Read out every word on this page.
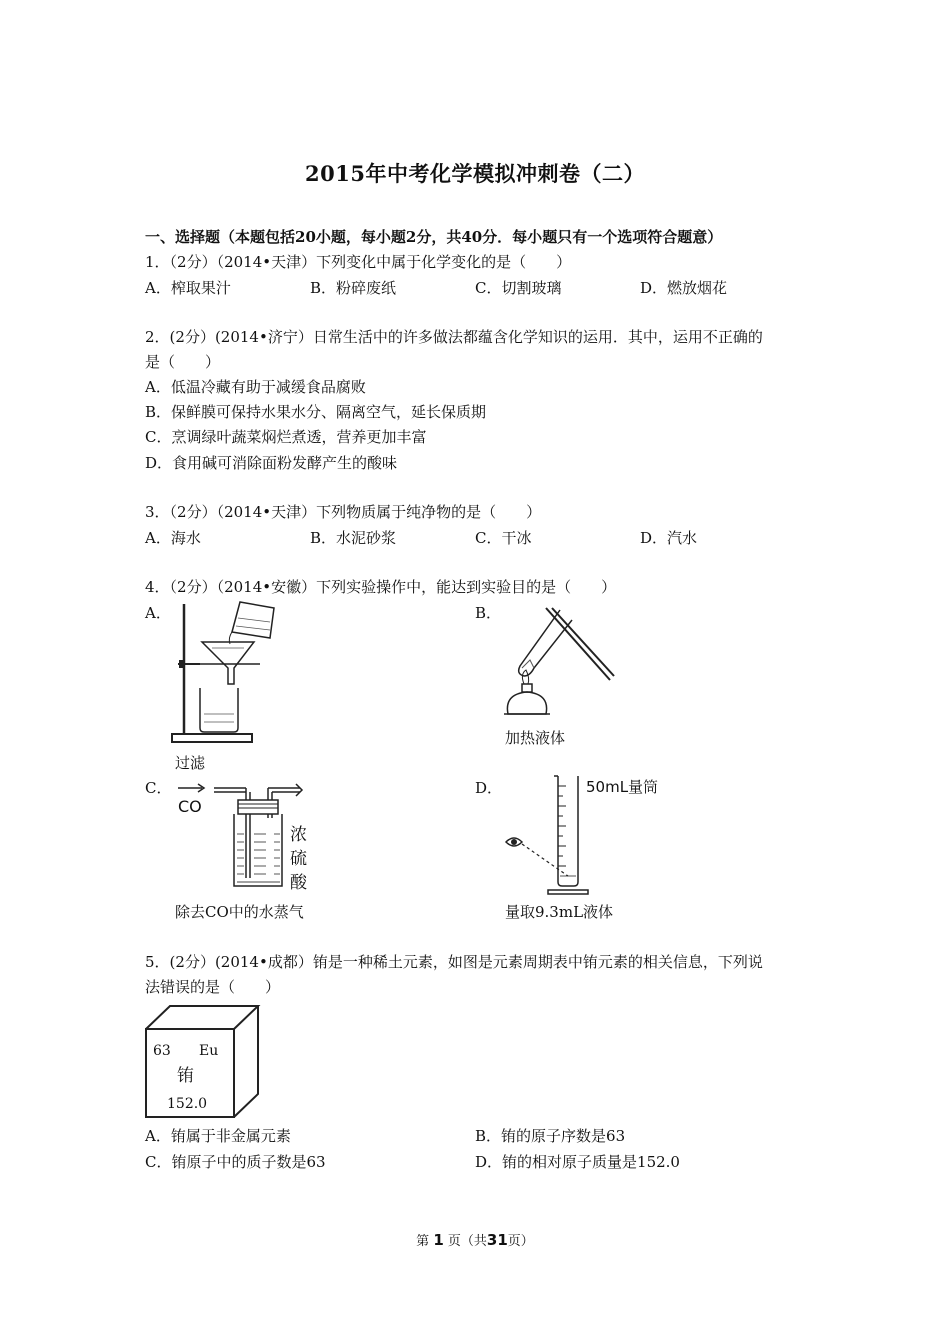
2015年中考化学模拟冲刺卷（二）
一、选择题（本题包括20小题，每小题2分，共40分．每小题只有一个选项符合题意）
1．（2分）（2014•天津）下列变化中属于化学变化的是（　　）
A．榨取果汁	B．粉碎废纸	C．切割玻璃	D．燃放烟花
2．(2分）(2014•济宁）日常生活中的许多做法都蕴含化学知识的运用．其中，运用不正确的
是（　　）
A．低温冷藏有助于减缓食品腐败
B．保鲜膜可保持水果水分、隔离空气，延长保质期
C．烹调绿叶蔬菜焖烂煮透，营养更加丰富
D．食用碱可消除面粉发酵产生的酸味
3．（2分）（2014•天津）下列物质属于纯净物的是（　　）
A．海水	B．水泥砂浆	C．干冰	D．汽水
4．（2分）（2014•安徽）下列实验操作中，能达到实验目的是（　　）
A．	B．
过滤
加热液体
C．	D．
CO
浓
硫
酸
除去CO中的水蒸气
50mL量筒
量取9.3mL液体
5．(2分）(2014•成都）铕是一种稀土元素，如图是元素周期表中铕元素的相关信息，下列说
法错误的是（　　）
63 Eu
铕
152.0
A．铕属于非金属元素	B．铕的原子序数是63
C．铕原子中的质子数是63	D．铕的相对原子质量是152.0
第 1 页（共31页）
